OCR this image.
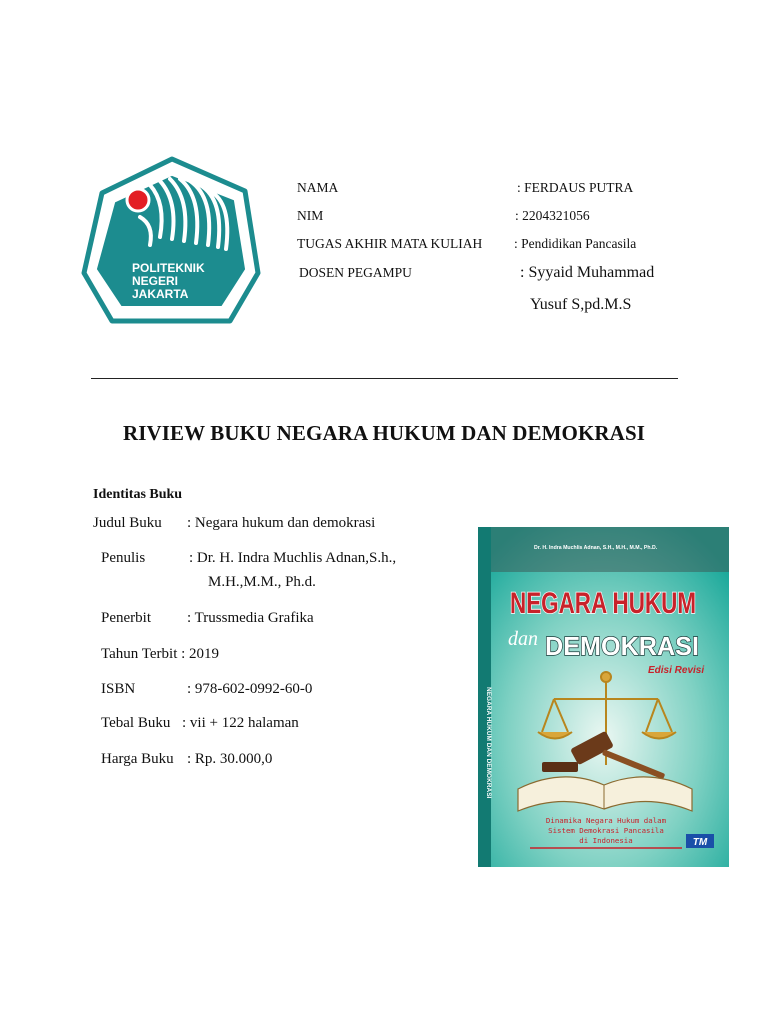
POLITEKNIK
NEGERI
JAKARTA
NAMA	: FERDAUS PUTRA
NIM	: 2204321056
TUGAS AKHIR MATA KULIAH : Pendidikan Pancasila
DOSEN PEGAMPU	: Syyaid Muhammad
Yusuf S,pd.M.S
RIVIEW BUKU NEGARA HUKUM DAN DEMOKRASI
Identitas Buku
Judul Buku : Negara hukum dan demokrasi
Penulis	: Dr. H. Indra Muchlis Adnan,S.h.,
M.H.,M.M., Ph.d.
Penerbit : Trussmedia Grafika
Tahun Terbit : 2019
ISBN	: 978-602-0992-60-0
Tebal Buku : vii + 122 halaman
Harga Buku : Rp. 30.000,0	NEGARA HUKUM DAN DEMOKRASI
Dr. H. Indra Muchlis Adnan, S.H., M.H., M.M., Ph.D.
NEGARA HUKUM
dan DEMOKRASI
Edisi Revisi
Dinamika Negara Hukum dalam
Sistem Demokrasi Pancasila
di Indonesia	TM
